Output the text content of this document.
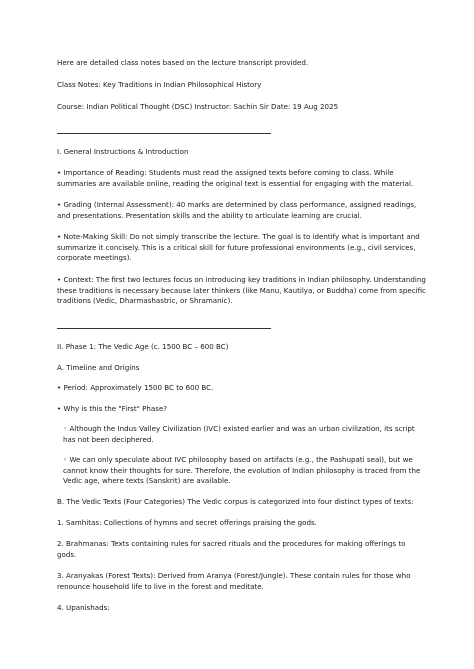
Here are detailed class notes based on the lecture transcript provided.

Class Notes: Key Traditions in Indian Philosophical History

Course: Indian Political Thought (DSC) Instructor: Sachin Sir Date: 19 Aug 2025

I. General Instructions & Introduction

• Importance of Reading: Students must read the assigned texts before coming to class. While summaries are available online, reading the original text is essential for engaging with the material.

• Grading (Internal Assessment): 40 marks are determined by class performance, assigned readings, and presentations. Presentation skills and the ability to articulate learning are crucial.

• Note-Making Skill: Do not simply transcribe the lecture. The goal is to identify what is important and summarize it concisely. This is a critical skill for future professional environments (e.g., civil services, corporate meetings).

• Context: The first two lectures focus on introducing key traditions in Indian philosophy. Understanding these traditions is necessary because later thinkers (like Manu, Kautilya, or Buddha) come from specific traditions (Vedic, Dharmashastric, or Shramanic).

II. Phase 1: The Vedic Age (c. 1500 BC – 600 BC)

A. Timeline and Origins

• Period: Approximately 1500 BC to 600 BC.

• Why is this the "First" Phase?

◦ Although the Indus Valley Civilization (IVC) existed earlier and was an urban civilization, its script has not been deciphered.

◦ We can only speculate about IVC philosophy based on artifacts (e.g., the Pashupati seal), but we cannot know their thoughts for sure. Therefore, the evolution of Indian philosophy is traced from the Vedic age, where texts (Sanskrit) are available.

B. The Vedic Texts (Four Categories) The Vedic corpus is categorized into four distinct types of texts:

1. Samhitas: Collections of hymns and secret offerings praising the gods.

2. Brahmanas: Texts containing rules for sacred rituals and the procedures for making offerings to gods.

3. Aranyakas (Forest Texts): Derived from Aranya (Forest/Jungle). These contain rules for those who renounce household life to live in the forest and meditate.

4. Upanishads:
